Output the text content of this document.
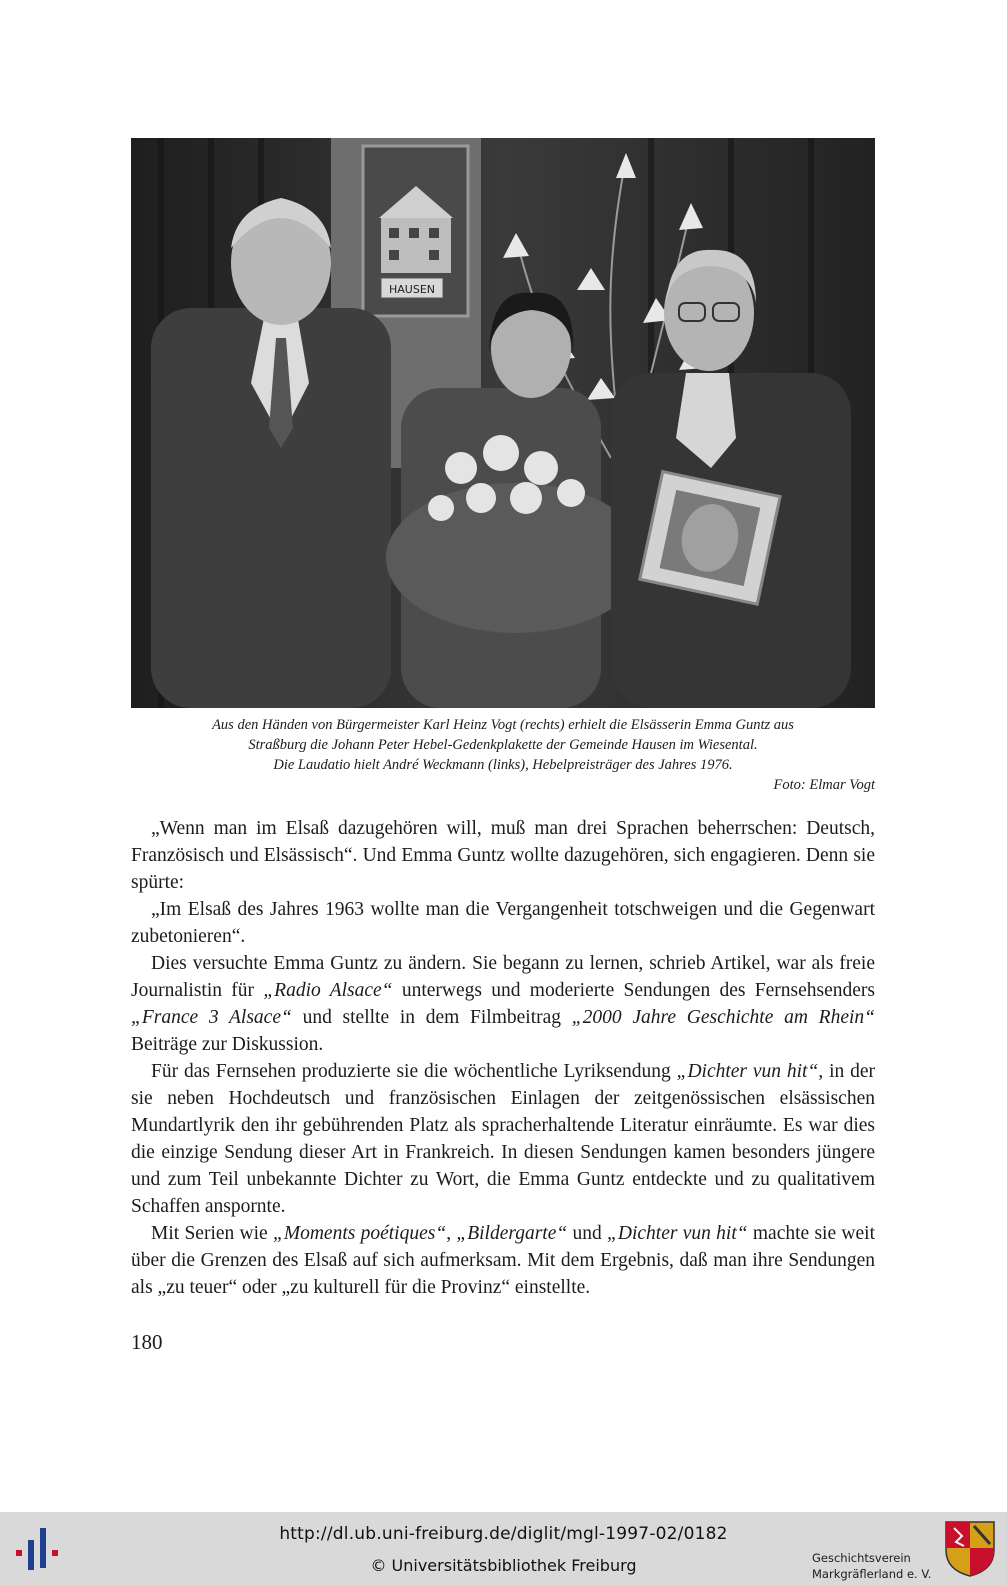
HAUSEN
Aus den Händen von Bürgermeister Karl Heinz Vogt (rechts) erhielt die Elsässerin Emma Guntz aus
Straßburg die Johann Peter Hebel-Gedenkplakette der Gemeinde Hausen im Wiesental.
Die Laudatio hielt André Weckmann (links), Hebelpreisträger des Jahres 1976.
Foto: Elmar Vogt

„Wenn man im Elsaß dazugehören will, muß man drei Sprachen beherrschen: Deutsch, Französisch und Elsässisch“. Und Emma Guntz wollte dazugehören, sich engagieren. Denn sie spürte:

„Im Elsaß des Jahres 1963 wollte man die Vergangenheit totschweigen und die Gegenwart zubetonieren“.

Dies versuchte Emma Guntz zu ändern. Sie begann zu lernen, schrieb Artikel, war als freie Journalistin für „Radio Alsace“ unterwegs und moderierte Sendungen des Fernsehsenders „France 3 Alsace“ und stellte in dem Filmbeitrag „2000 Jahre Geschichte am Rhein“ Beiträge zur Diskussion.

Für das Fernsehen produzierte sie die wöchentliche Lyriksendung „Dichter vun hit“, in der sie neben Hochdeutsch und französischen Einlagen der zeitgenössischen elsässischen Mundartlyrik den ihr gebührenden Platz als spracherhaltende Literatur einräumte. Es war dies die einzige Sendung dieser Art in Frankreich. In diesen Sendungen kamen besonders jüngere und zum Teil unbekannte Dichter zu Wort, die Emma Guntz entdeckte und zu qualitativem Schaffen anspornte.

Mit Serien wie „Moments poétiques“, „Bildergarte“ und „Dichter vun hit“ machte sie weit über die Grenzen des Elsaß auf sich aufmerksam. Mit dem Ergebnis, daß man ihre Sendungen als „zu teuer“ oder „zu kulturell für die Provinz“ einstellte.

180
http://dl.ub.uni-freiburg.de/diglit/mgl-1997-02/0182
© Universitätsbibliothek Freiburg	Geschichtsverein
Markgräflerland e. V.
